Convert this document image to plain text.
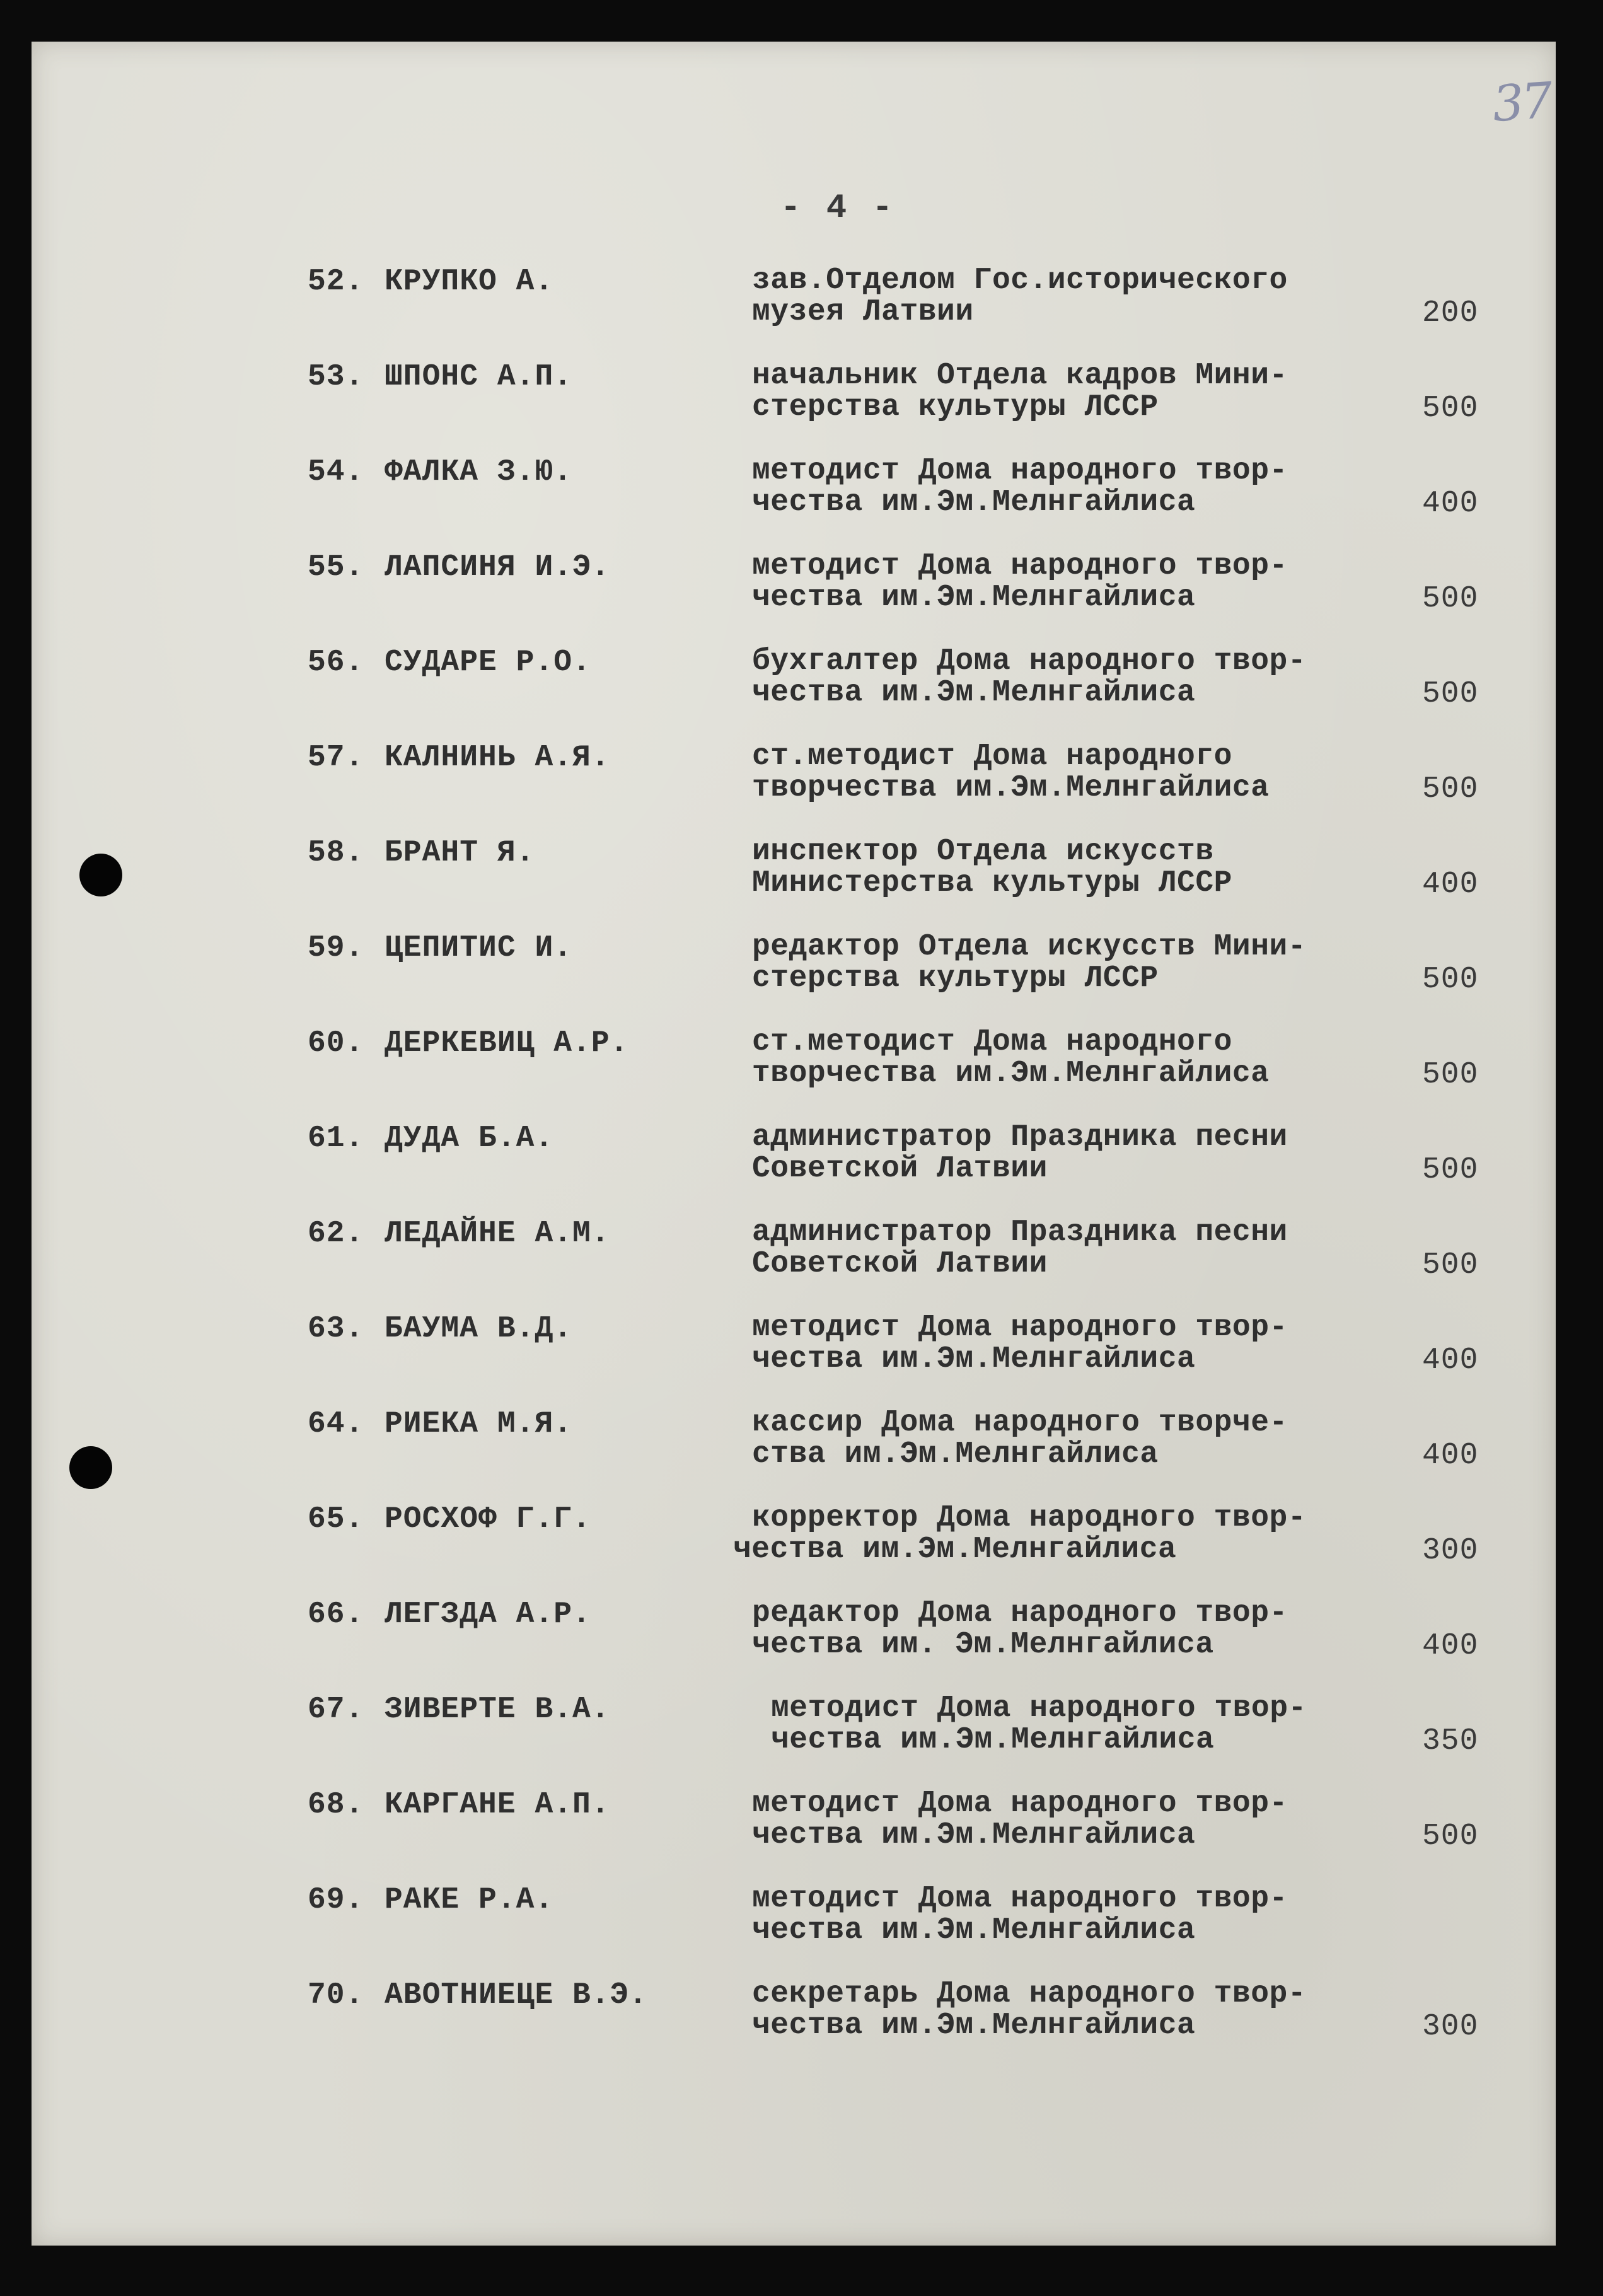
37
- 4 -
52. КРУПКО А.	зав.Отделом Гос.исторического
музея Латвии	200
53. ШПОНС А.П.	начальник Отдела кадров Мини-
стерства культуры ЛССР	500
54. ФАЛКА З.Ю.	методист Дома народного твор-
чества им.Эм.Мелнгайлиса	400
55. ЛАПСИНЯ И.Э.	методист Дома народного твор-
чества им.Эм.Мелнгайлиса	500
56. СУДАРЕ Р.О.	бухгалтер Дома народного твор-
чества им.Эм.Мелнгайлиса	500
57. КАЛНИНЬ А.Я.	ст.методист Дома народного
творчества им.Эм.Мелнгайлиса	500
58. БРАНТ Я.	инспектор Отдела искусств
Министерства культуры ЛССР	400
59. ЦЕПИТИС И.	редактор Отдела искусств Мини-
стерства культуры ЛССР	500
60. ДЕРКЕВИЦ А.Р.	ст.методист Дома народного
творчества им.Эм.Мелнгайлиса	500
61. ДУДА Б.А.	администратор Праздника песни
Советской Латвии	500
62. ЛЕДАЙНЕ А.М.	администратор Праздника песни
Советской Латвии	500
63. БАУМА В.Д.	методист Дома народного твор-
чества им.Эм.Мелнгайлиса	400
64. РИЕКА М.Я.	кассир Дома народного творче-
ства им.Эм.Мелнгайлиса	400
65. РОСХОФ Г.Г.	корректор Дома народного твор-
чества им.Эм.Мелнгайлиса	300
66. ЛЕГЗДА А.Р.	редактор Дома народного твор-
чества им. Эм.Мелнгайлиса	400
67. ЗИВЕРТЕ В.А.	методист Дома народного твор-
чества им.Эм.Мелнгайлиса	350
68. КАРГАНЕ А.П.	методист Дома народного твор-
чества им.Эм.Мелнгайлиса	500
69. РАКЕ Р.А.	методист Дома народного твор-
чества им.Эм.Мелнгайлиса
70. АВОТНИЕЦЕ В.Э.	секретарь Дома народного твор-
чества им.Эм.Мелнгайлиса	300
